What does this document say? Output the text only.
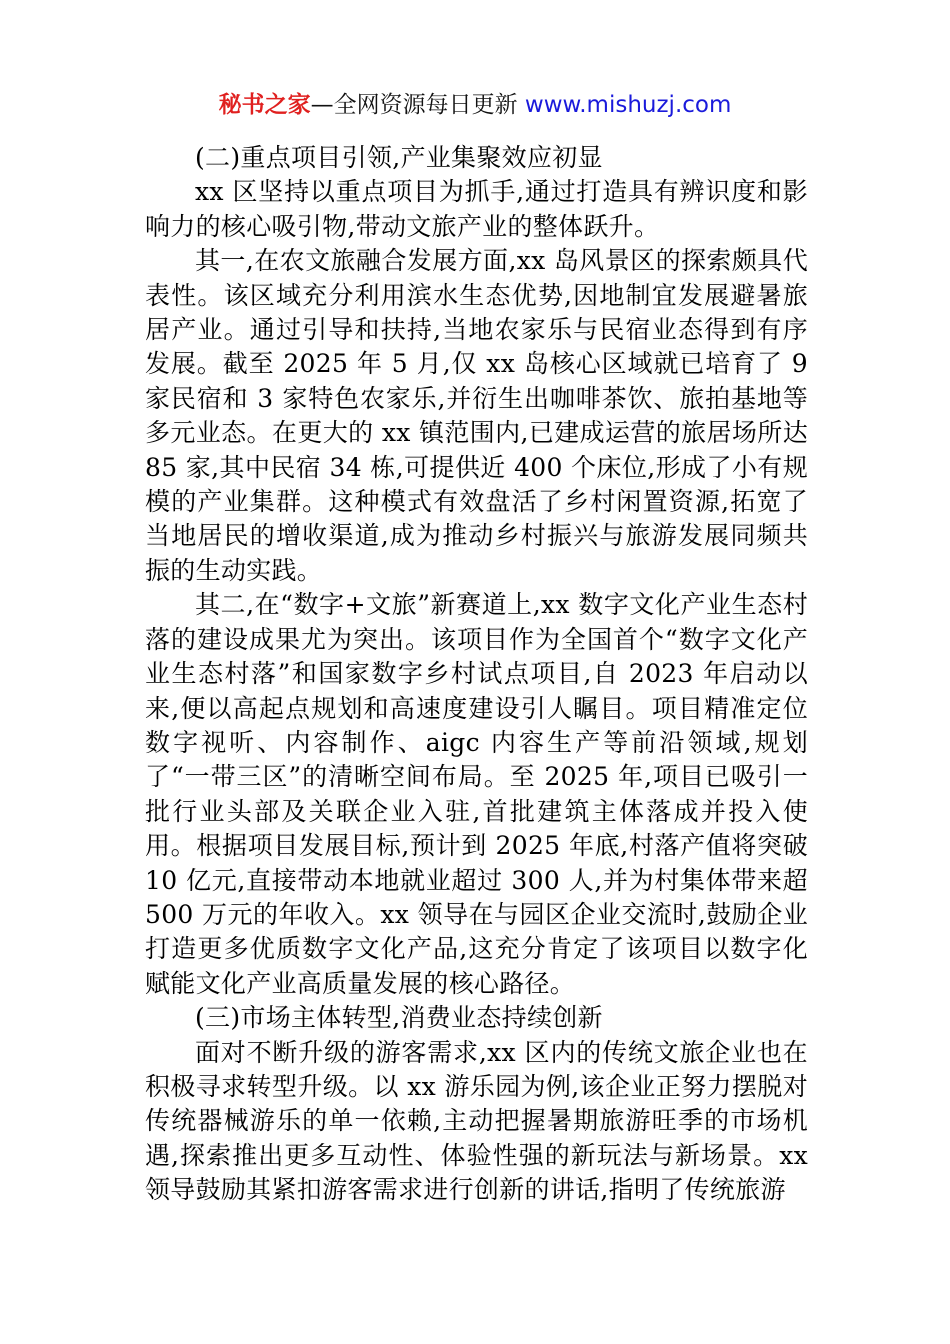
秘书之家—全网资源每日更新 www.mishuzj.com

(二)重点项目引领,产业集聚效应初显

xx 区坚持以重点项目为抓手,通过打造具有辨识度和影响力的核心吸引物,带动文旅产业的整体跃升。

其一,在农文旅融合发展方面,xx 岛风景区的探索颇具代表性。该区域充分利用滨水生态优势,因地制宜发展避暑旅居产业。通过引导和扶持,当地农家乐与民宿业态得到有序发展。截至 2025 年 5 月,仅 xx 岛核心区域就已培育了 9 家民宿和 3 家特色农家乐,并衍生出咖啡茶饮、旅拍基地等多元业态。在更大的 xx 镇范围内,已建成运营的旅居场所达 85 家,其中民宿 34 栋,可提供近 400 个床位,形成了小有规模的产业集群。这种模式有效盘活了乡村闲置资源,拓宽了当地居民的增收渠道,成为推动乡村振兴与旅游发展同频共振的生动实践。

其二,在“数字+文旅”新赛道上,xx 数字文化产业生态村落的建设成果尤为突出。该项目作为全国首个“数字文化产业生态村落”和国家数字乡村试点项目,自 2023 年启动以来,便以高起点规划和高速度建设引人瞩目。项目精准定位数字视听、内容制作、aigc 内容生产等前沿领域,规划了“一带三区”的清晰空间布局。至 2025 年,项目已吸引一批行业头部及关联企业入驻,首批建筑主体落成并投入使用。根据项目发展目标,预计到 2025 年底,村落产值将突破 10 亿元,直接带动本地就业超过 300 人,并为村集体带来超 500 万元的年收入。xx 领导在与园区企业交流时,鼓励企业打造更多优质数字文化产品,这充分肯定了该项目以数字化赋能文化产业高质量发展的核心路径。

(三)市场主体转型,消费业态持续创新

面对不断升级的游客需求,xx 区内的传统文旅企业也在积极寻求转型升级。以 xx 游乐园为例,该企业正努力摆脱对传统器械游乐的单一依赖,主动把握暑期旅游旺季的市场机遇,探索推出更多互动性、体验性强的新玩法与新场景。xx 领导鼓励其紧扣游客需求进行创新的讲话,指明了传统旅游
